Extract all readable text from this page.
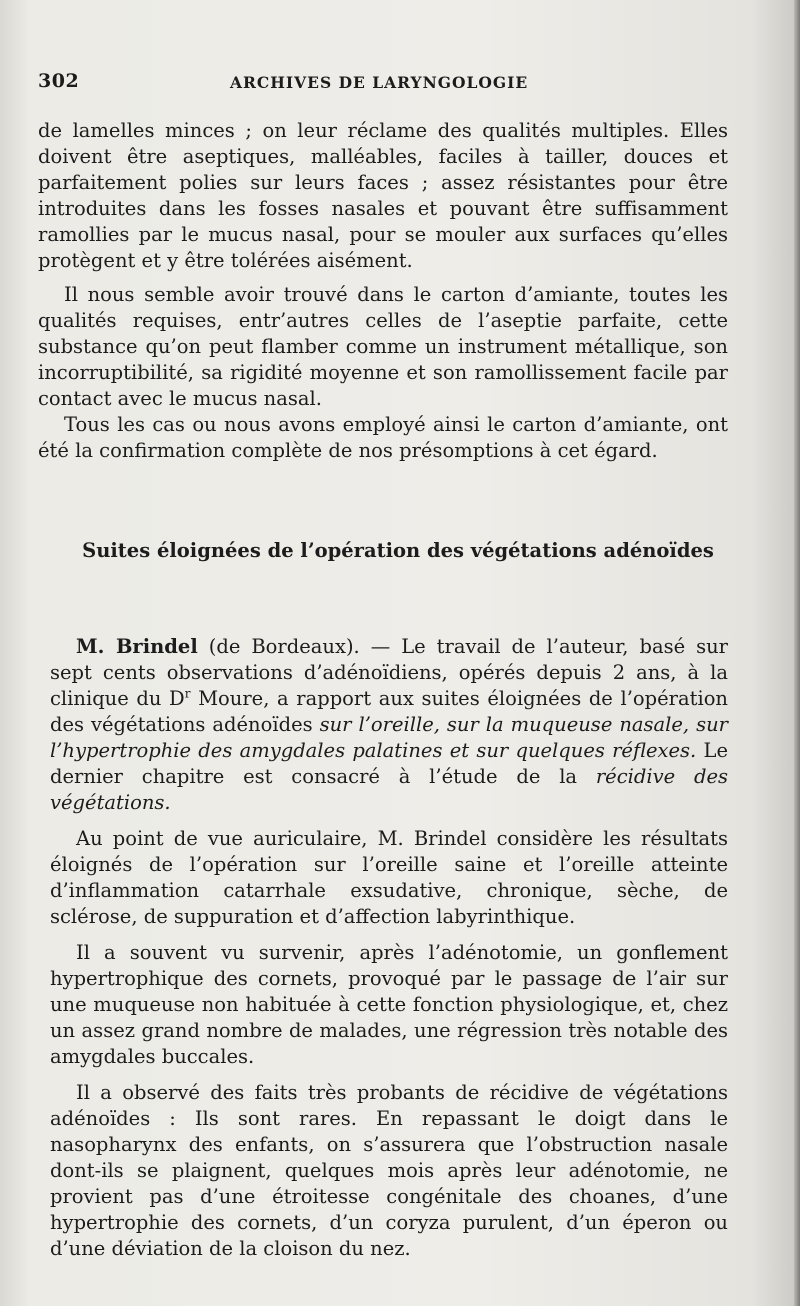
302	ARCHIVES DE LARYNGOLOGIE

de lamelles minces ; on leur réclame des qualités multiples. Elles doivent être aseptiques, malléables, faciles à tailler, douces et parfaitement polies sur leurs faces ; assez résistantes pour être introduites dans les fosses nasales et pouvant être suffisamment ramollies par le mucus nasal, pour se mouler aux surfaces qu’elles protègent et y être tolérées aisément.

Il nous semble avoir trouvé dans le carton d’amiante, toutes les qualités requises, entr’autres celles de l’aseptie parfaite, cette substance qu’on peut flamber comme un instrument métallique, son incorruptibilité, sa rigidité moyenne et son ramollissement facile par contact avec le mucus nasal.

Tous les cas ou nous avons employé ainsi le carton d’amiante, ont été la confirmation complète de nos présomptions à cet égard.

Suites éloignées de l’opération des végétations adénoïdes

M. Brindel (de Bordeaux). — Le travail de l’auteur, basé sur sept cents observations d’adénoïdiens, opérés depuis 2 ans, à la clinique du $D^r$ Moure, a rapport aux suites éloignées de l’opération des végétations adénoïdes sur l’oreille, sur la muqueuse nasale, sur l’hypertrophie des amygdales palatines et sur quelques réflexes. Le dernier chapitre est consacré à l’étude de la récidive des végétations.

Au point de vue auriculaire, M. Brindel considère les résultats éloignés de l’opération sur l’oreille saine et l’oreille atteinte d’inflammation catarrhale exsudative, chronique, sèche, de sclérose, de suppuration et d’affection labyrinthique.

Il a souvent vu survenir, après l’adénotomie, un gonflement hypertrophique des cornets, provoqué par le passage de l’air sur une muqueuse non habituée à cette fonction physiologique, et, chez un assez grand nombre de malades, une régression très notable des amygdales buccales.

Il a observé des faits très probants de récidive de végétations adénoïdes : Ils sont rares. En repassant le doigt dans le nasopharynx des enfants, on s’assurera que l’obstruction nasale dont-ils se plaignent, quelques mois après leur adénotomie, ne provient pas d’une étroitesse congénitale des choanes, d’une hypertrophie des cornets, d’un coryza purulent, d’un éperon ou d’une déviation de la cloison du nez.
